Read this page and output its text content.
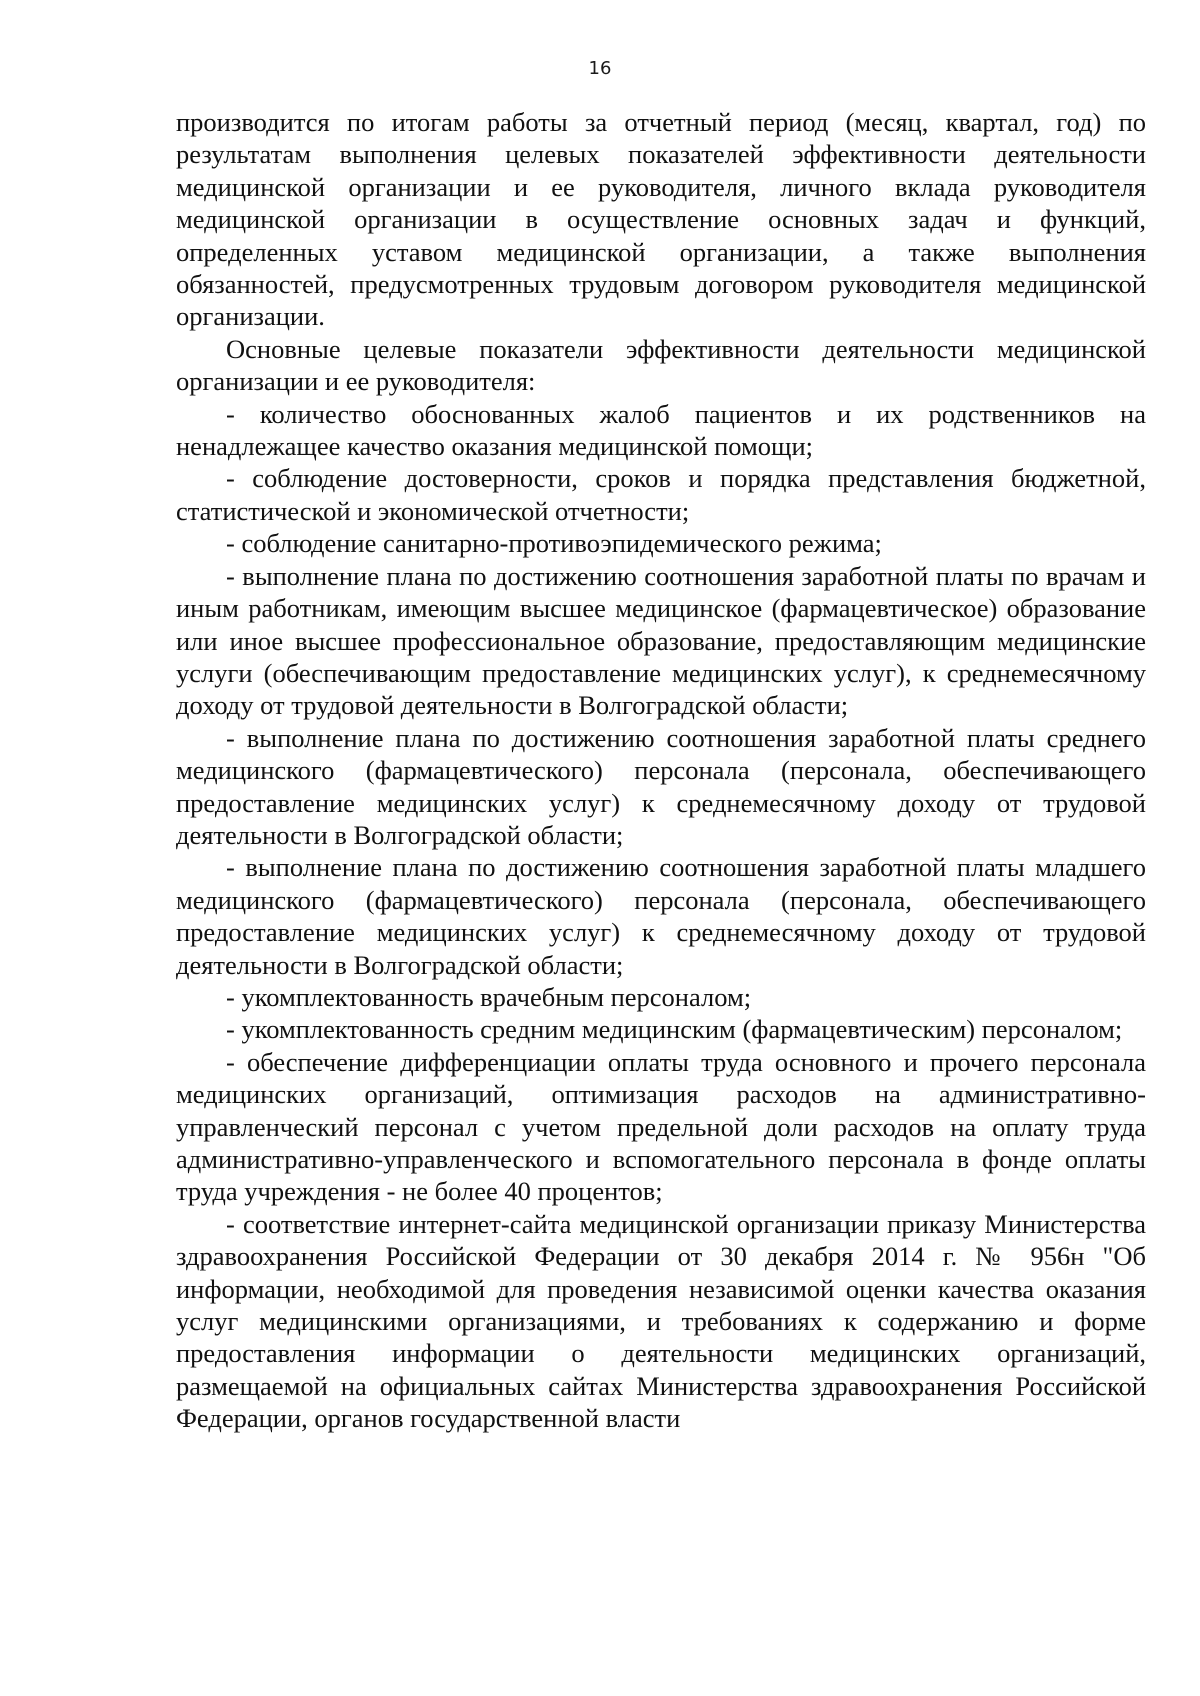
16

производится по итогам работы за отчетный период (месяц, квартал, год) по результатам выполнения целевых показателей эффективности деятельности медицинской организации и ее руководителя, личного вклада руководителя медицинской организации в осуществление основных задач и функций, определенных уставом медицинской организации, а также выполнения обязанностей, предусмотренных трудовым договором руководителя медицинской организации.

Основные целевые показатели эффективности деятельности медицинской организации и ее руководителя:

- количество обоснованных жалоб пациентов и их родственников на ненадлежащее качество оказания медицинской помощи;

- соблюдение достоверности, сроков и порядка представления бюджетной, статистической и экономической отчетности;

- соблюдение санитарно-противоэпидемического режима;

- выполнение плана по достижению соотношения заработной платы по врачам и иным работникам, имеющим высшее медицинское (фармацевтическое) образование или иное высшее профессиональное образование, предоставляющим медицинские услуги (обеспечивающим предоставление медицинских услуг), к среднемесячному доходу от трудовой деятельности в Волгоградской области;

- выполнение плана по достижению соотношения заработной платы среднего медицинского (фармацевтического) персонала (персонала, обеспечивающего предоставление медицинских услуг) к среднемесячному доходу от трудовой деятельности в Волгоградской области;

- выполнение плана по достижению соотношения заработной платы младшего медицинского (фармацевтического) персонала (персонала, обеспечивающего предоставление медицинских услуг) к среднемесячному доходу от трудовой деятельности в Волгоградской области;

- укомплектованность врачебным персоналом;

- укомплектованность средним медицинским (фармацевтическим) персоналом;

- обеспечение дифференциации оплаты труда основного и прочего персонала медицинских организаций, оптимизация расходов на административно-управленческий персонал с учетом предельной доли расходов на оплату труда административно-управленческого и вспомогательного персонала в фонде оплаты труда учреждения - не более 40 процентов;

- соответствие интернет-сайта медицинской организации приказу Министерства здравоохранения Российской Федерации от 30 декабря 2014 г. № 956н "Об информации, необходимой для проведения независимой оценки качества оказания услуг медицинскими организациями, и требованиях к содержанию и форме предоставления информации о деятельности медицинских организаций, размещаемой на официальных сайтах Министерства здравоохранения Российской Федерации, органов государственной власти
